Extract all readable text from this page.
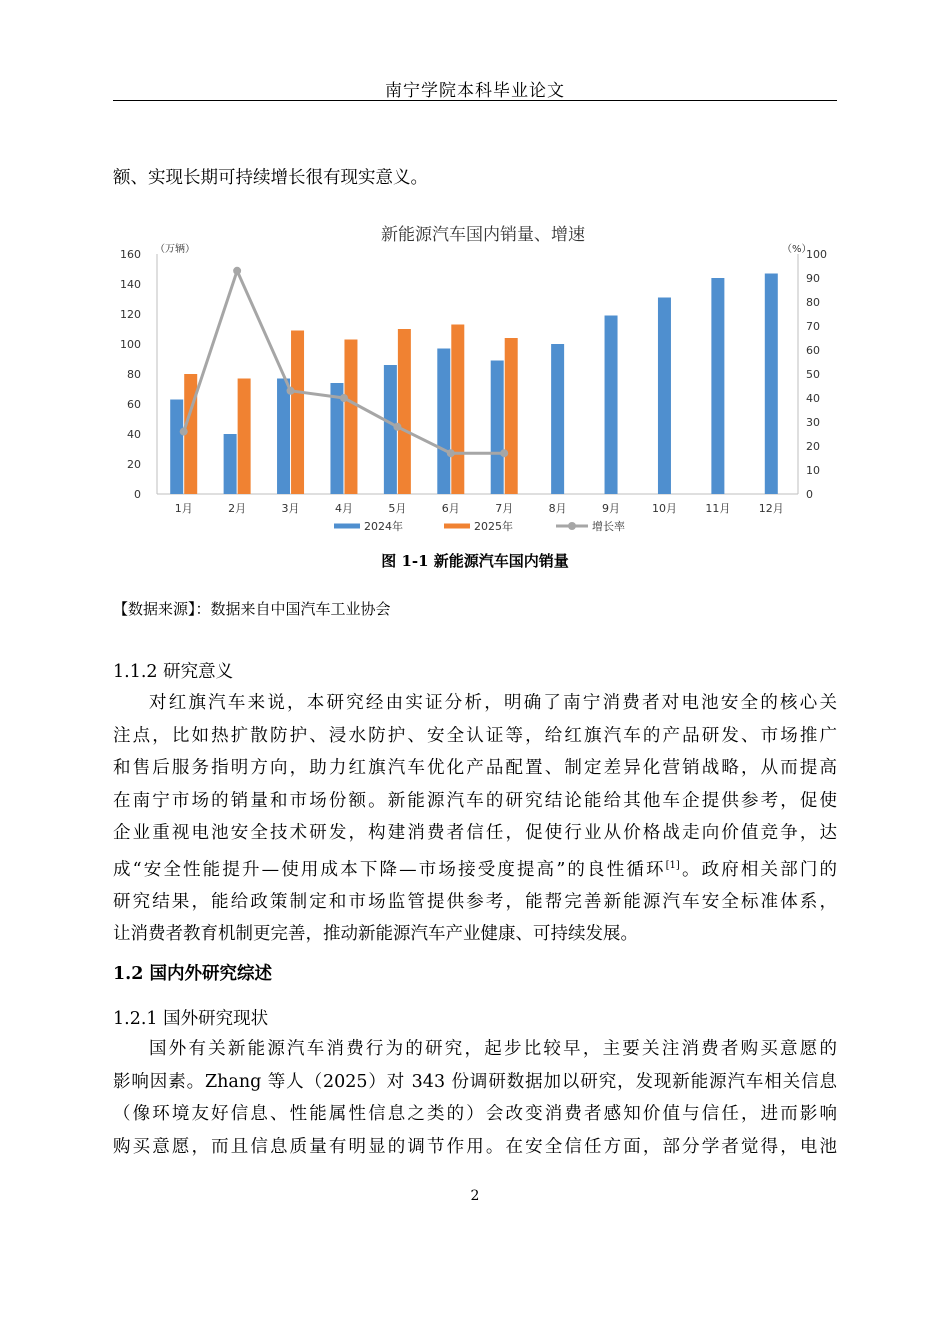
南宁学院本科毕业论文
额、实现长期可持续增长很有现实意义。
新能源汽车国内销量、增速
（万辆）	（%）
0
20
40
60
80
100
120
140
160
0
10
20
30
40
50
60
70
80
90
100
1月	2月	3月	4月	5月	6月	7月	8月	9月	10月	11月	12月
2024年	2025年	增长率
图 1-1 新能源汽车国内销量
【数据来源】：数据来自中国汽车工业协会
1.1.2 研究意义
对红旗汽车来说，本研究经由实证分析，明确了南宁消费者对电池安全的核心关
注点，比如热扩散防护、浸水防护、安全认证等，给红旗汽车的产品研发、市场推广
和售后服务指明方向，助力红旗汽车优化产品配置、制定差异化营销战略，从而提高
在南宁市场的销量和市场份额。新能源汽车的研究结论能给其他车企提供参考，促使
企业重视电池安全技术研发，构建消费者信任，促使行业从价格战走向价值竞争，达
成“安全性能提升—使用成本下降—市场接受度提高”的良性循环[1]。政府相关部门的
研究结果，能给政策制定和市场监管提供参考，能帮完善新能源汽车安全标准体系，
让消费者教育机制更完善，推动新能源汽车产业健康、可持续发展。
1.2 国内外研究综述
1.2.1 国外研究现状
国外有关新能源汽车消费行为的研究，起步比较早，主要关注消费者购买意愿的
影响因素。Zhang 等人（2025）对 343 份调研数据加以研究，发现新能源汽车相关信息
（像环境友好信息、性能属性信息之类的）会改变消费者感知价值与信任，进而影响
购买意愿，而且信息质量有明显的调节作用。在安全信任方面，部分学者觉得，电池
2
